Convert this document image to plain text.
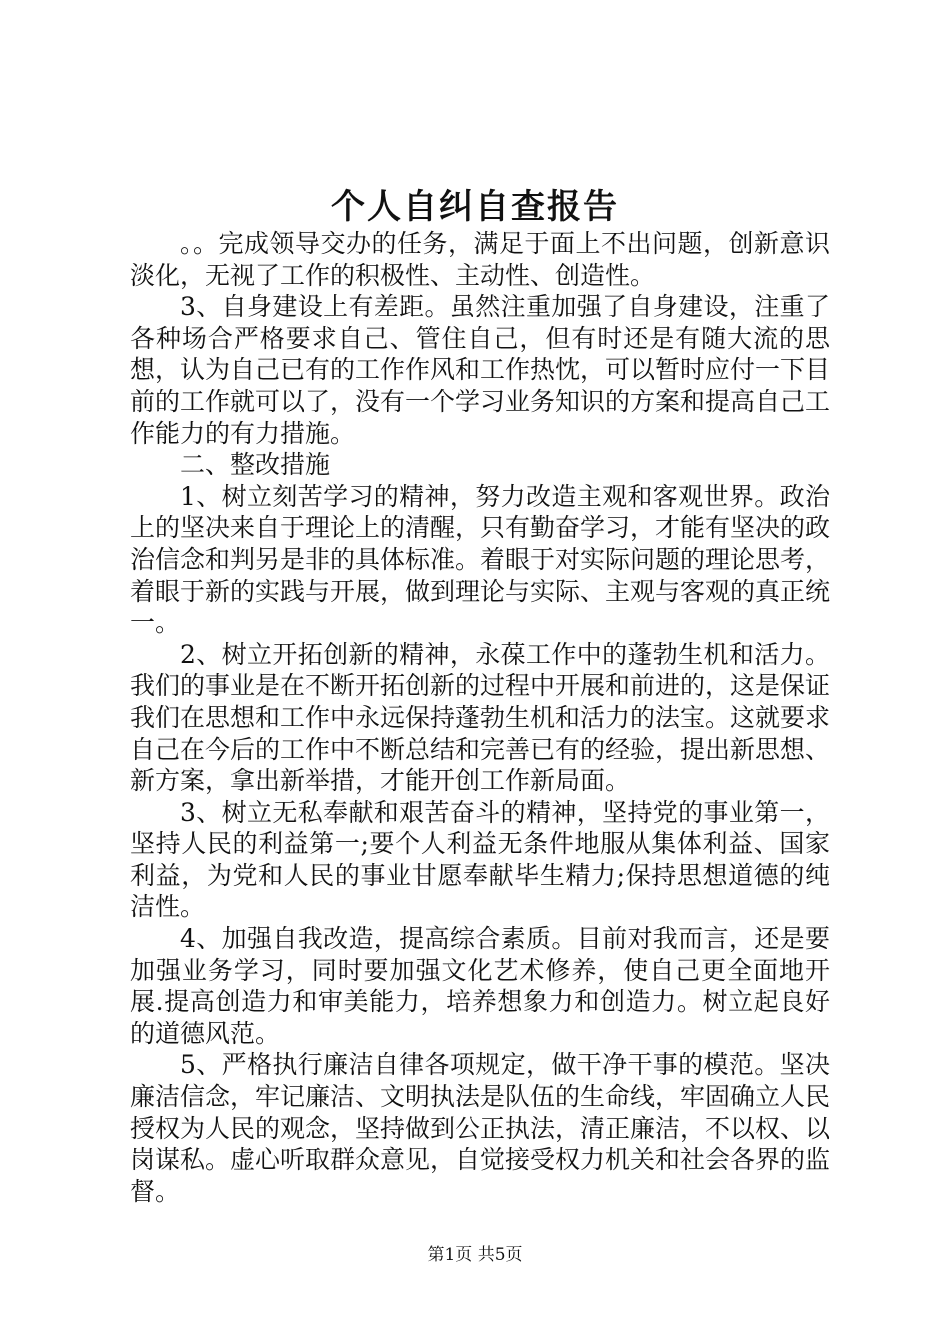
个人自纠自查报告

。。完成领导交办的任务，满足于面上不出问题，创新意识淡化，无视了工作的积极性、主动性、创造性。

3、自身建设上有差距。虽然注重加强了自身建设，注重了各种场合严格要求自己、管住自己，但有时还是有随大流的思想，认为自己已有的工作作风和工作热忱，可以暂时应付一下目前的工作就可以了，没有一个学习业务知识的方案和提高自己工作能力的有力措施。

二、整改措施

1、树立刻苦学习的精神，努力改造主观和客观世界。政治上的坚决来自于理论上的清醒，只有勤奋学习，才能有坚决的政治信念和判另是非的具体标准。着眼于对实际问题的理论思考，着眼于新的实践与开展，做到理论与实际、主观与客观的真正统一。

2、树立开拓创新的精神，永葆工作中的蓬勃生机和活力。我们的事业是在不断开拓创新的过程中开展和前进的，这是保证我们在思想和工作中永远保持蓬勃生机和活力的法宝。这就要求自己在今后的工作中不断总结和完善已有的经验，提出新思想、新方案，拿出新举措，才能开创工作新局面。

3、树立无私奉献和艰苦奋斗的精神，坚持党的事业第一，坚持人民的利益第一;要个人利益无条件地服从集体利益、国家利益，为党和人民的事业甘愿奉献毕生精力;保持思想道德的纯洁性。

4、加强自我改造，提高综合素质。目前对我而言，还是要加强业务学习，同时要加强文化艺术修养，使自己更全面地开展.提高创造力和审美能力，培养想象力和创造力。树立起良好的道德风范。

5、严格执行廉洁自律各项规定，做干净干事的模范。坚决廉洁信念，牢记廉洁、文明执法是队伍的生命线，牢固确立人民授权为人民的观念，坚持做到公正执法，清正廉洁，不以权、以岗谋私。虚心听取群众意见，自觉接受权力机关和社会各界的监督。

第1页 共5页
